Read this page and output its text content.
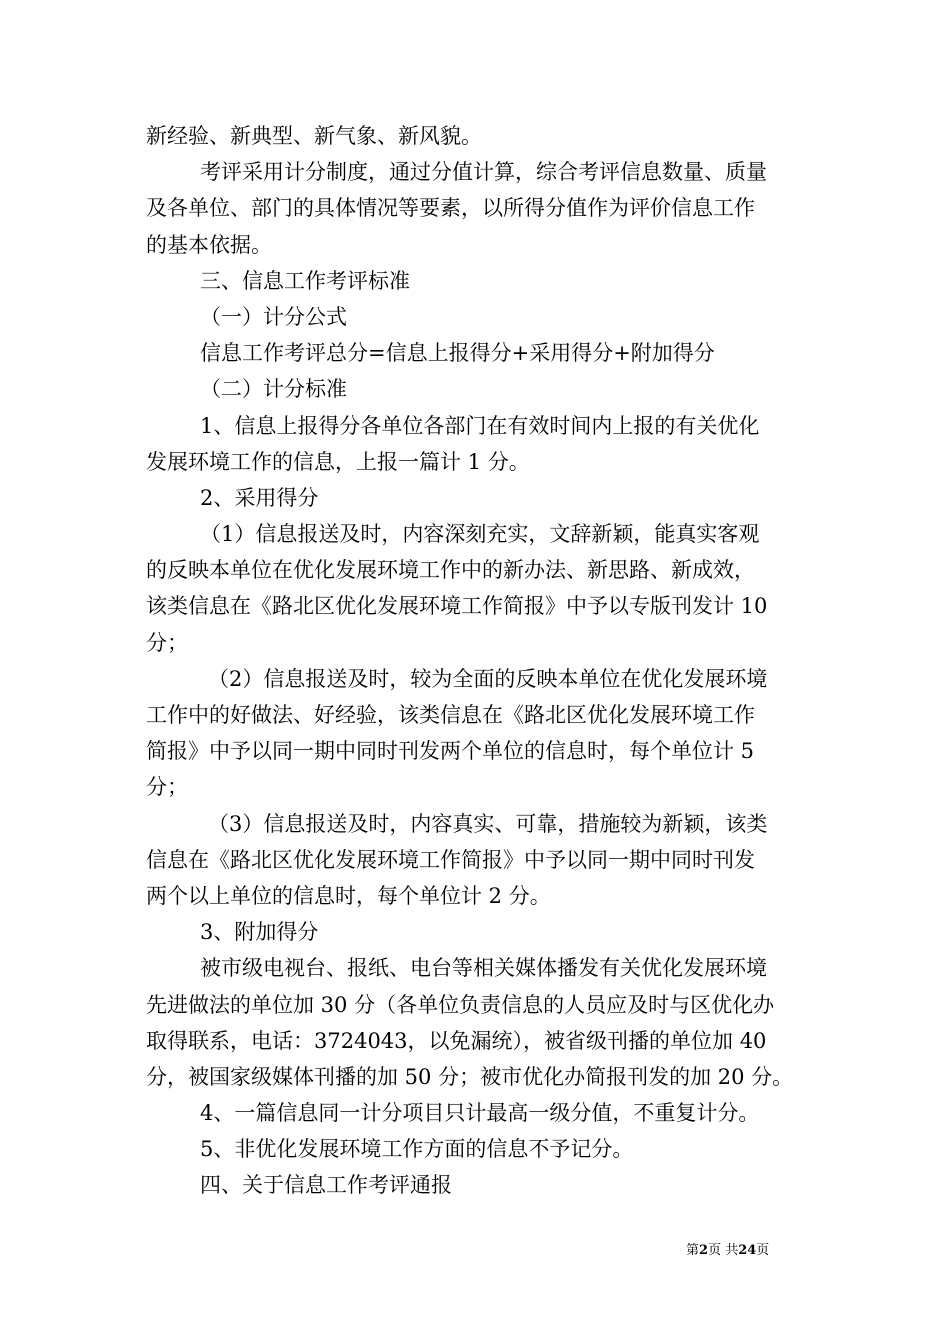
新经验、新典型、新气象、新风貌。
考评采用计分制度，通过分值计算，综合考评信息数量、质量
及各单位、部门的具体情况等要素，以所得分值作为评价信息工作
的基本依据。
三、信息工作考评标准
（一）计分公式
信息工作考评总分=信息上报得分+采用得分+附加得分
（二）计分标准
1、信息上报得分各单位各部门在有效时间内上报的有关优化
发展环境工作的信息，上报一篇计 1 分。
2、采用得分
（1）信息报送及时，内容深刻充实，文辞新颖，能真实客观
的反映本单位在优化发展环境工作中的新办法、新思路、新成效，
该类信息在《路北区优化发展环境工作简报》中予以专版刊发计 10
分；
（2）信息报送及时，较为全面的反映本单位在优化发展环境
工作中的好做法、好经验，该类信息在《路北区优化发展环境工作
简报》中予以同一期中同时刊发两个单位的信息时，每个单位计 5
分；
（3）信息报送及时，内容真实、可靠，措施较为新颖，该类
信息在《路北区优化发展环境工作简报》中予以同一期中同时刊发
两个以上单位的信息时，每个单位计 2 分。
3、附加得分
被市级电视台、报纸、电台等相关媒体播发有关优化发展环境
先进做法的单位加 30 分（各单位负责信息的人员应及时与区优化办
取得联系，电话：3724043，以免漏统），被省级刊播的单位加 40
分，被国家级媒体刊播的加 50 分；被市优化办简报刊发的加 20 分。
4、一篇信息同一计分项目只计最高一级分值，不重复计分。
5、非优化发展环境工作方面的信息不予记分。
四、关于信息工作考评通报
第2页 共24页
